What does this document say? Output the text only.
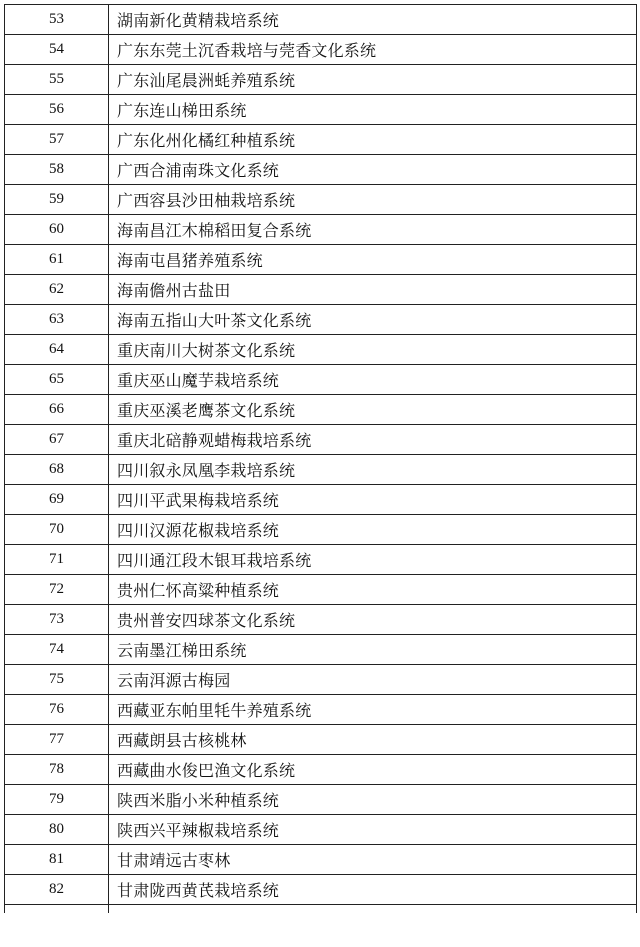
53	湖南新化黄精栽培系统
54	广东东莞土沉香栽培与莞香文化系统
55	广东汕尾晨洲蚝养殖系统
56	广东连山梯田系统
57	广东化州化橘红种植系统
58	广西合浦南珠文化系统
59	广西容县沙田柚栽培系统
60	海南昌江木棉稻田复合系统
61	海南屯昌猪养殖系统
62	海南儋州古盐田
63	海南五指山大叶茶文化系统
64	重庆南川大树茶文化系统
65	重庆巫山魔芋栽培系统
66	重庆巫溪老鹰茶文化系统
67	重庆北碚静观蜡梅栽培系统
68	四川叙永凤凰李栽培系统
69	四川平武果梅栽培系统
70	四川汉源花椒栽培系统
71	四川通江段木银耳栽培系统
72	贵州仁怀高粱种植系统
73	贵州普安四球茶文化系统
74	云南墨江梯田系统
75	云南洱源古梅园
76	西藏亚东帕里牦牛养殖系统
77	西藏朗县古核桃林
78	西藏曲水俊巴渔文化系统
79	陕西米脂小米种植系统
80	陕西兴平辣椒栽培系统
81	甘肃靖远古枣林
82	甘肃陇西黄芪栽培系统
